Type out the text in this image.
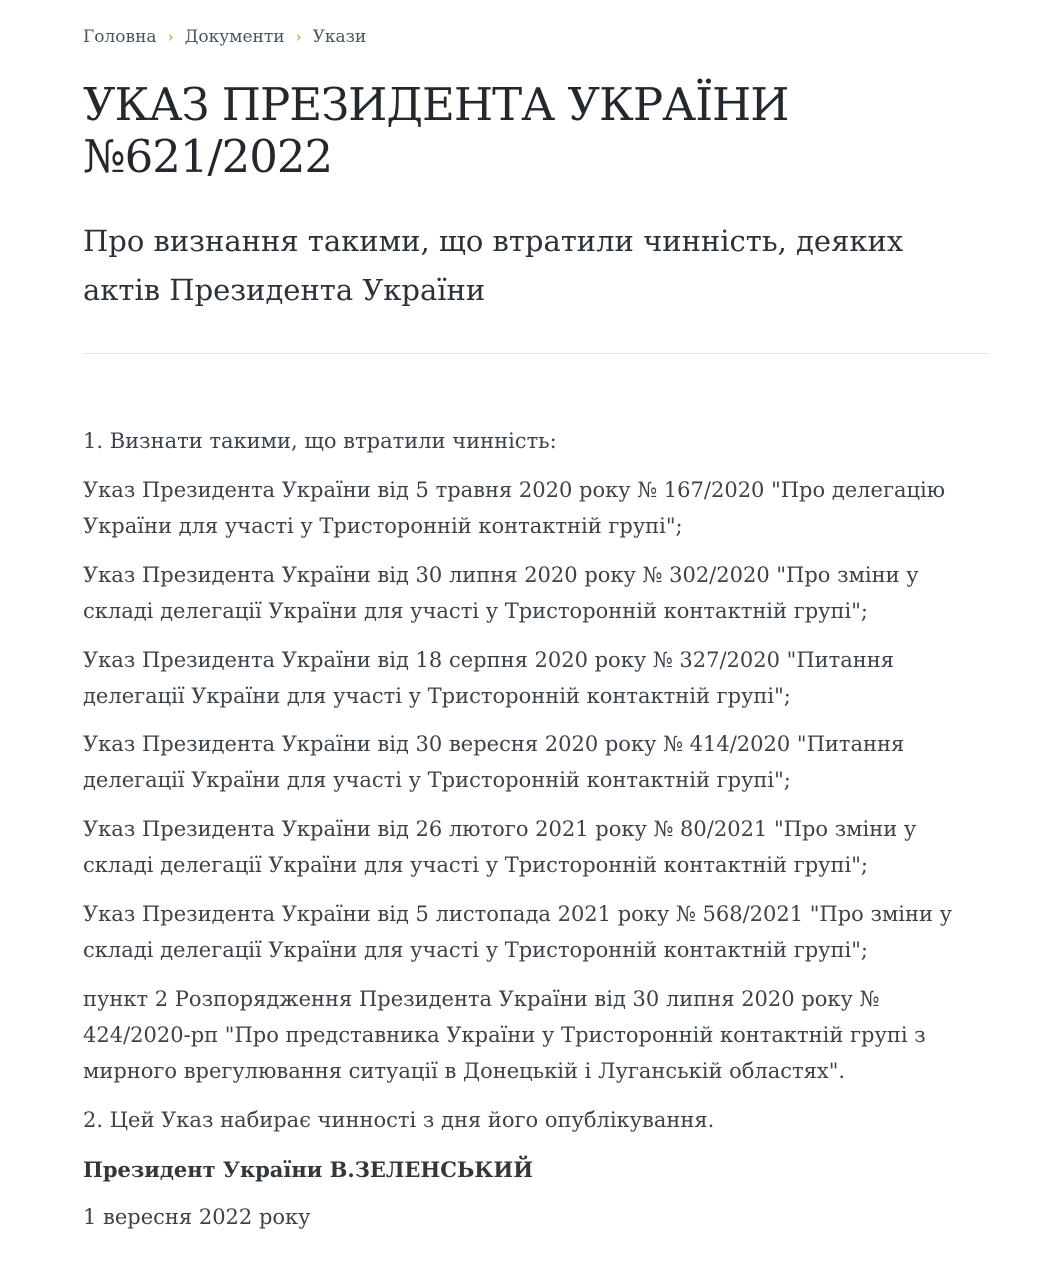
Головна › Документи › Укази
УКАЗ ПРЕЗИДЕНТА УКРАЇНИ №621/2022
Про визнання такими, що втратили чинність, деяких актів Президента України

1. Визнати такими, що втратили чинність:

Указ Президента України від 5 травня 2020 року № 167/2020 "Про делегацію України для участі у Тристоронній контактній групі";

Указ Президента України від 30 липня 2020 року № 302/2020 "Про зміни у складі делегації України для участі у Тристоронній контактній групі";

Указ Президента України від 18 серпня 2020 року № 327/2020 "Питання делегації України для участі у Тристоронній контактній групі";

Указ Президента України від 30 вересня 2020 року № 414/2020 "Питання делегації України для участі у Тристоронній контактній групі";

Указ Президента України від 26 лютого 2021 року № 80/2021 "Про зміни у складі делегації України для участі у Тристоронній контактній групі";

Указ Президента України від 5 листопада 2021 року № 568/2021 "Про зміни у складі делегації України для участі у Тристоронній контактній групі";

пункт 2 Розпорядження Президента України від 30 липня 2020 року № 424/2020-рп "Про представника України у Тристоронній контактній групі з мирного врегулювання ситуації в Донецькій і Луганській областях".

2. Цей Указ набирає чинності з дня його опублікування.

Президент України В.ЗЕЛЕНСЬКИЙ

1 вересня 2022 року
